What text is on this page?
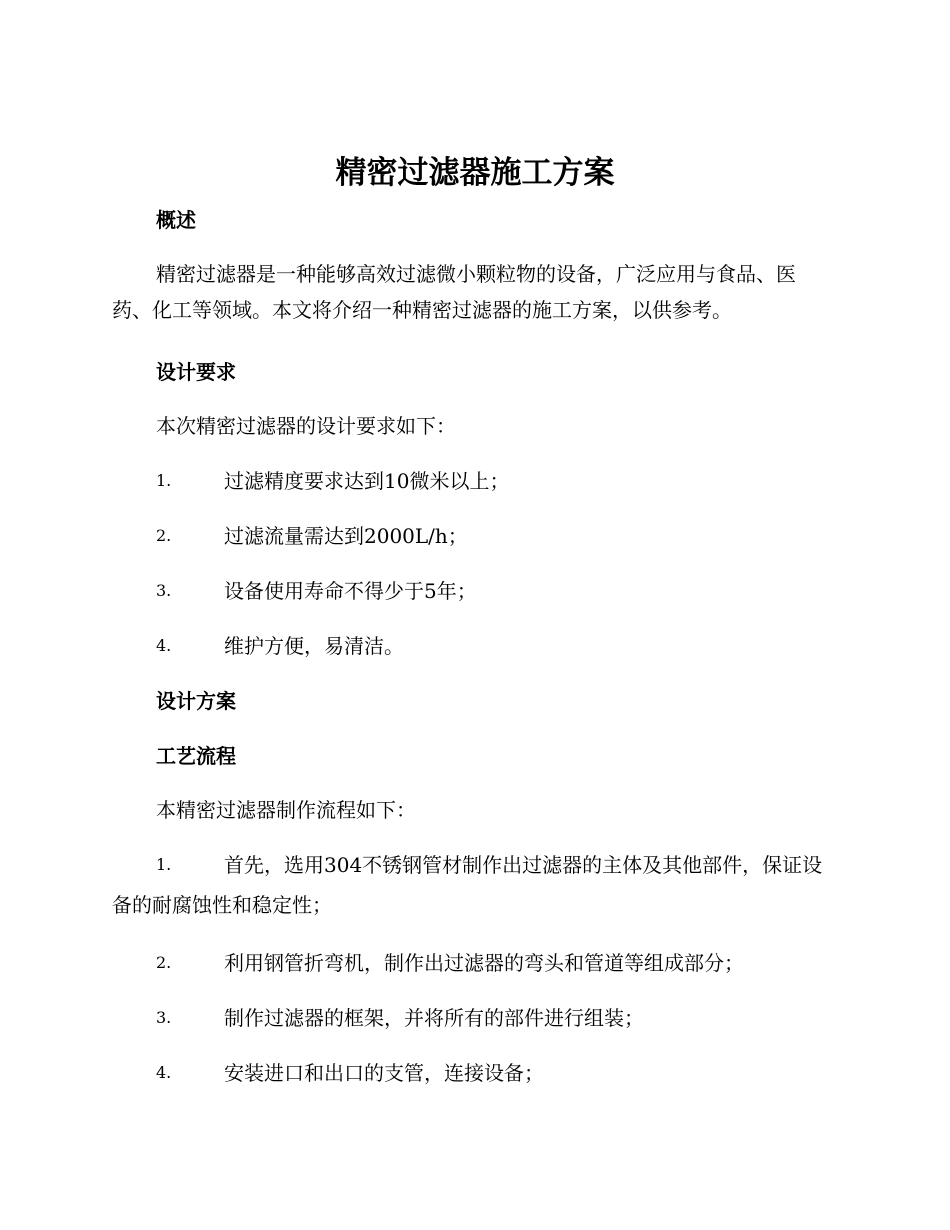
精密过滤器施工方案
概述

精密过滤器是一种能够高效过滤微小颗粒物的设备，广泛应用与食品、医药、化工等领域。本文将介绍一种精密过滤器的施工方案，以供参考。

设计要求

本次精密过滤器的设计要求如下：

1.	过滤精度要求达到10微米以上；
2.	过滤流量需达到2000L/h；
3.	设备使用寿命不得少于5年；
4.	维护方便，易清洁。
设计方案
工艺流程

本精密过滤器制作流程如下：

1.	首先，选用304不锈钢管材制作出过滤器的主体及其他部件，保证设备的耐腐蚀性和稳定性；
2.	利用钢管折弯机，制作出过滤器的弯头和管道等组成部分；
3.	制作过滤器的框架，并将所有的部件进行组装；
4.	安装进口和出口的支管，连接设备；
